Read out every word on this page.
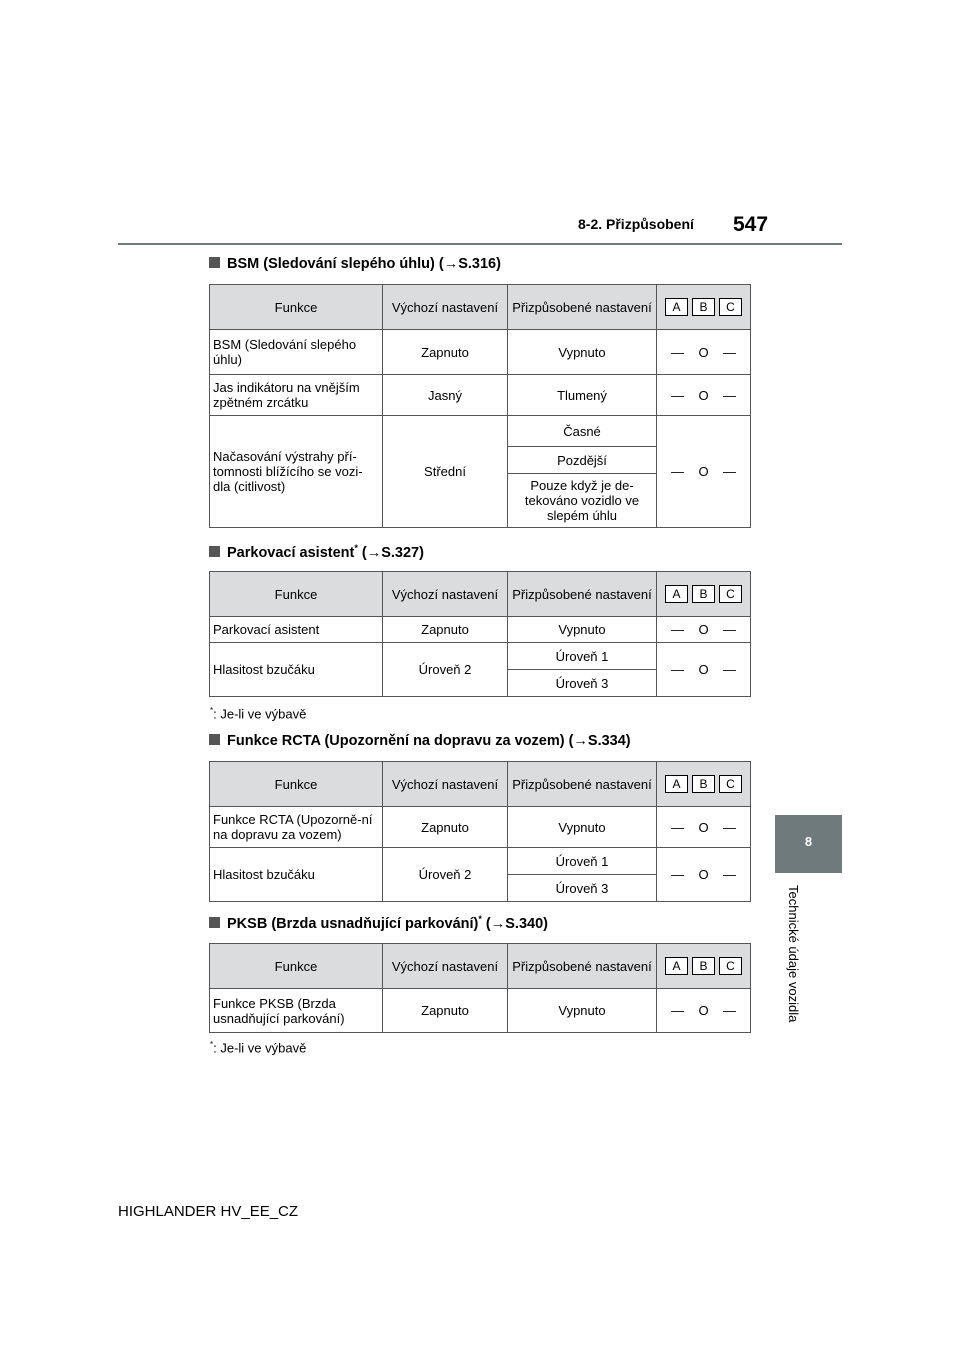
8-2. Přizpůsobení 547
8
Technické údaje vozidla
BSM (Sledování slepého úhlu) (→S.316)
Funkce	Výchozí nastavení	Přizpůsobené nastavení	A B C

BSM (Sledování slepého úhlu)	Zapnuto	Vypnuto	— O —
Jas indikátoru na vnějším zpětném zrcátku	Jasný	Tlumený	— O —
Načasování výstrahy pří-tomnosti blížícího se vozi-dla (citlivost)	Střední	Časné	— O —
		Pozdější	
		Pouze když je de-tekováno vozidlo ve slepém úhlu	
Parkovací asistent* (→S.327)
Funkce	Výchozí nastavení	Přizpůsobené nastavení	A B C

Parkovací asistent	Zapnuto	Vypnuto	— O —
Hlasitost bzučáku	Úroveň 2	Úroveň 1	— O —
		Úroveň 3	
*: Je-li ve výbavě
Funkce RCTA (Upozornění na dopravu za vozem) (→S.334)
Funkce	Výchozí nastavení	Přizpůsobené nastavení	A B C

Funkce RCTA (Upozorně-ní na dopravu za vozem)	Zapnuto	Vypnuto	— O —
Hlasitost bzučáku	Úroveň 2	Úroveň 1	— O —
		Úroveň 3	
PKSB (Brzda usnadňující parkování)* (→S.340)
Funkce	Výchozí nastavení	Přizpůsobené nastavení	A B C

Funkce PKSB (Brzda usnadňující parkování)	Zapnuto	Vypnuto	— O —
*: Je-li ve výbavě
HIGHLANDER HV_EE_CZ
